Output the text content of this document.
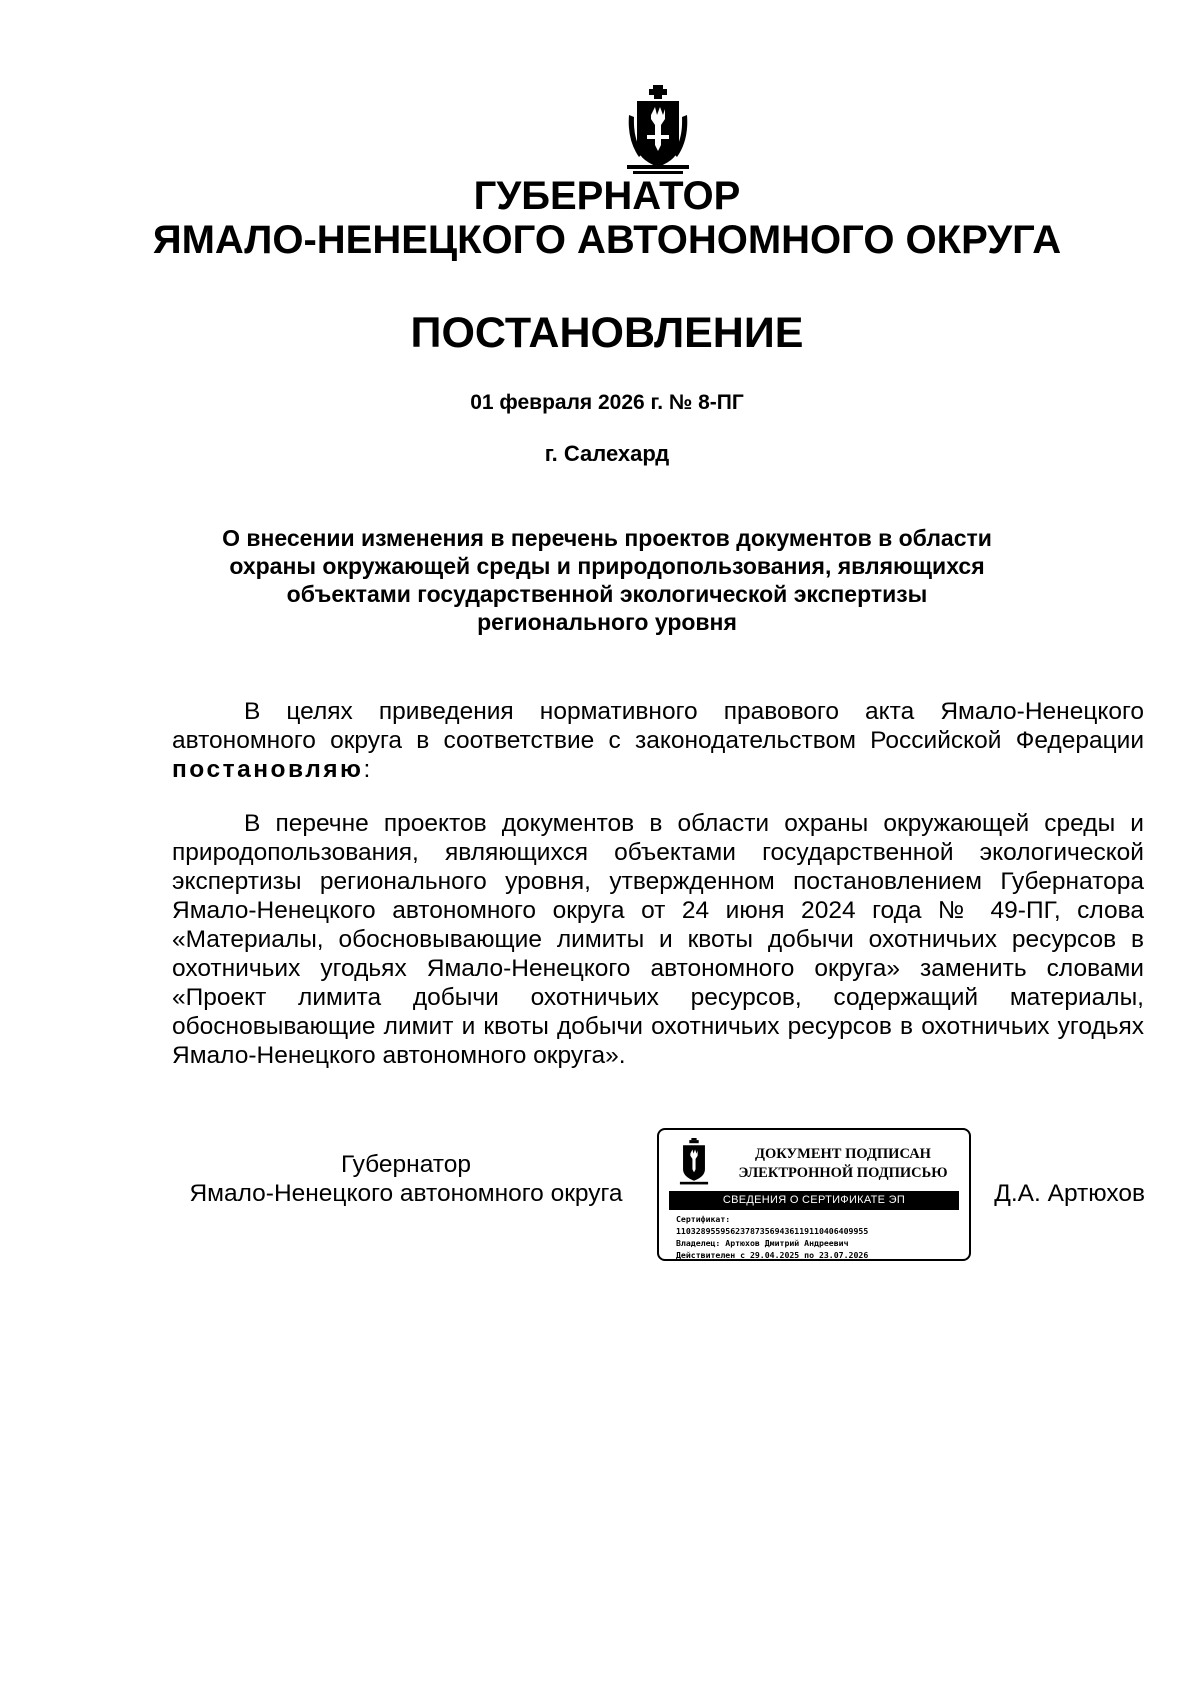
ГУБЕРНАТОР
ЯМАЛО-НЕНЕЦКОГО АВТОНОМНОГО ОКРУГА
ПОСТАНОВЛЕНИЕ
01 февраля 2026 г. № 8-ПГ
г. Салехард
О внесении изменения в перечень проектов документов в области охраны окружающей среды и природопользования, являющихся объектами государственной экологической экспертизы регионального уровня

В целях приведения нормативного правового акта Ямало-Ненецкого автономного округа в соответствие с законодательством Российской Федерации постановляю:

В перечне проектов документов в области охраны окружающей среды и природопользования, являющихся объектами государственной экологической экспертизы регионального уровня, утвержденном постановлением Губернатора Ямало-Ненецкого автономного округа от 24 июня 2024 года № 49-ПГ, слова «Материалы, обосновывающие лимиты и квоты добычи охотничьих ресурсов в охотничьих угодьях Ямало-Ненецкого автономного округа» заменить словами «Проект лимита добычи охотничьих ресурсов, содержащий материалы, обосновывающие лимит и квоты добычи охотничьих ресурсов в охотничьих угодьях Ямало-Ненецкого автономного округа».

Губернатор
Ямало-Ненецкого автономного округа
ДОКУМЕНТ ПОДПИСАН
ЭЛЕКТРОННОЙ ПОДПИСЬЮ
СВЕДЕНИЯ О СЕРТИФИКАТЕ ЭП
Сертификат:
110328955956237873569436119110406409955
Владелец: Артюхов Дмитрий Андреевич
Действителен с 29.04.2025 по 23.07.2026
Д.А. Артюхов
